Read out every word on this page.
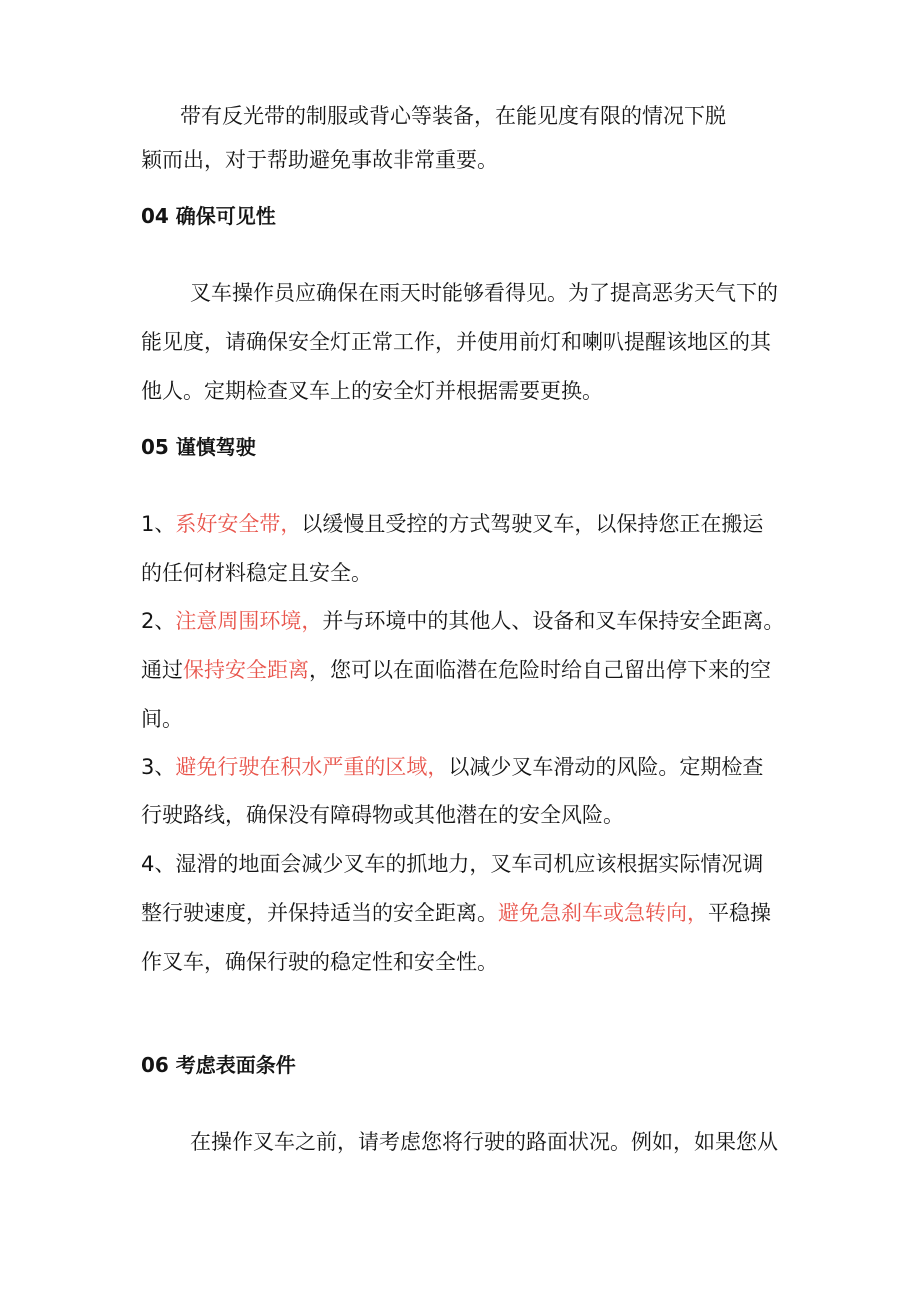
带有反光带的制服或背心等装备，在能见度有限的情况下脱
颖而出，对于帮助避免事故非常重要。
04 确保可见性
叉车操作员应确保在雨天时能够看得见。为了提高恶劣天气下的
能见度，请确保安全灯正常工作，并使用前灯和喇叭提醒该地区的其
他人。定期检查叉车上的安全灯并根据需要更换。
05 谨慎驾驶
1、系好安全带，以缓慢且受控的方式驾驶叉车，以保持您正在搬运
的任何材料稳定且安全。
2、注意周围环境，并与环境中的其他人、设备和叉车保持安全距离。
通过保持安全距离，您可以在面临潜在危险时给自己留出停下来的空
间。
3、避免行驶在积水严重的区域，以减少叉车滑动的风险。定期检查
行驶路线，确保没有障碍物或其他潜在的安全风险。
4、湿滑的地面会减少叉车的抓地力，叉车司机应该根据实际情况调
整行驶速度，并保持适当的安全距离。避免急刹车或急转向，平稳操
作叉车，确保行驶的稳定性和安全性。
06 考虑表面条件
在操作叉车之前，请考虑您将行驶的路面状况。例如，如果您从
